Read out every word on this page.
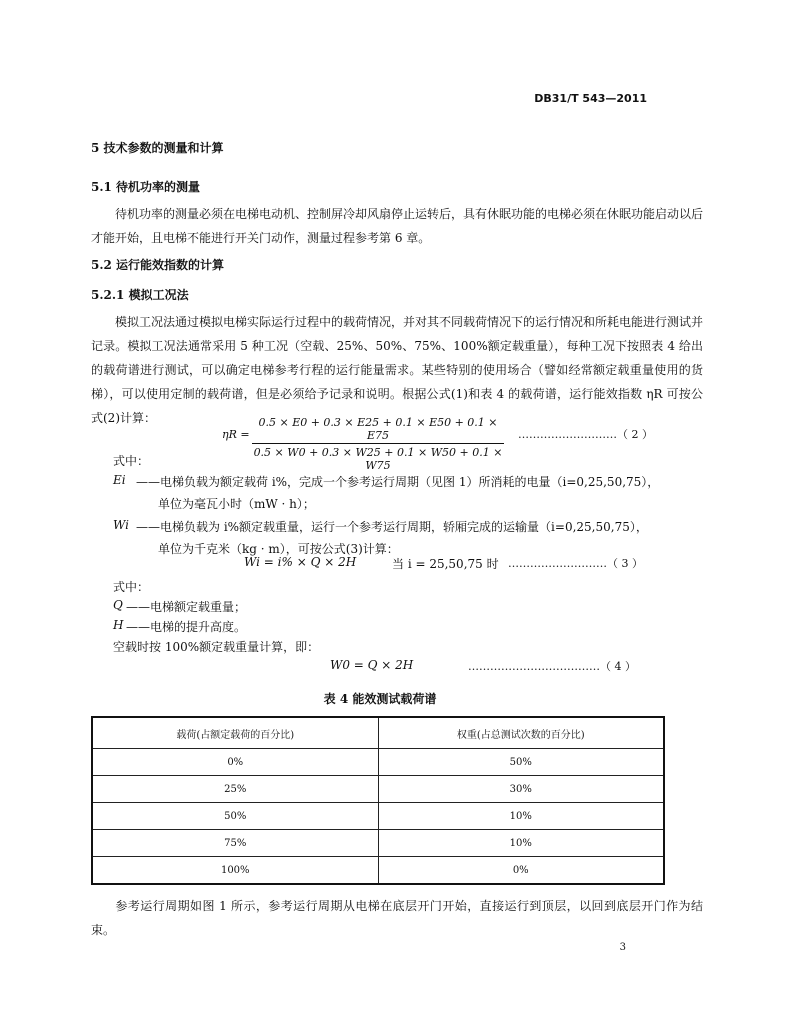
DB31/T 543—2011
5 技术参数的测量和计算
5.1 待机功率的测量
待机功率的测量必须在电梯电动机、控制屏冷却风扇停止运转后，具有休眠功能的电梯必须在休眠功能启动以后才能开始，且电梯不能进行开关门动作，测量过程参考第 6 章。
5.2 运行能效指数的计算
5.2.1 模拟工况法
模拟工况法通过模拟电梯实际运行过程中的载荷情况，并对其不同载荷情况下的运行情况和所耗电能进行测试并记录。模拟工况法通常采用 5 种工况（空载、25%、50%、75%、100%额定载重量），每种工况下按照表 4 给出的载荷谱进行测试，可以确定电梯参考行程的运行能量需求。某些特别的使用场合（譬如经常额定载重量使用的货梯），可以使用定制的载荷谱，但是必须给予记录和说明。根据公式(1)和表 4 的载荷谱，运行能效指数 ηR 可按公式(2)计算：
$\eta R = \frac{0.5 \times E0 + 0.3 \times E25 + 0.1 \times E50 + 0.1 \times E75}{0.5 \times W0 + 0.3 \times W25 + 0.1 \times W50 + 0.1 \times W75}$ ………………………（ 2 ）
式中：
Ei ——电梯负载为额定载荷 i%，完成一个参考运行周期（见图 1）所消耗的电量（i=0,25,50,75），
单位为毫瓦小时（mW · h）；
Wi ——电梯负载为 i%额定载重量，运行一个参考运行周期，轿厢完成的运输量（i=0,25,50,75），
单位为千克米（kg · m），可按公式(3)计算：
Wi = i% × Q × 2H	当 i = 25,50,75 时 ………………………（ 3 ）
式中：
Q ——电梯额定载重量；
H ——电梯的提升高度。
空载时按 100%额定载重量计算，即：
W0 = Q × 2H	………………………………（ 4 ）
表 4 能效测试载荷谱
载荷(占额定载荷的百分比)	权重(占总测试次数的百分比)
0%	50%
25%	30%
50%	10%
75%	10%
100%	0%
参考运行周期如图 1 所示，参考运行周期从电梯在底层开门开始，直接运行到顶层，以回到底层开门作为结束。
3
